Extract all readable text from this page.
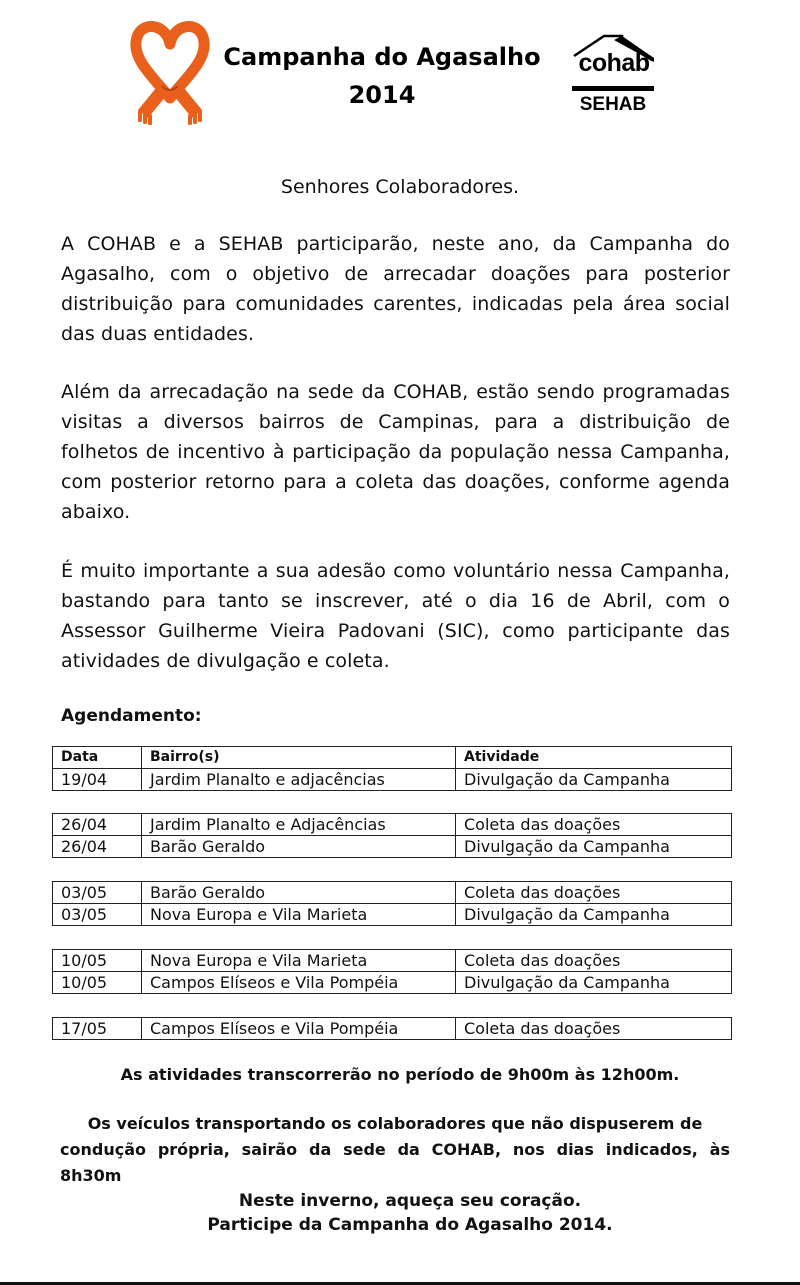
Campanha do Agasalho
2014
cohab
SEHAB
Senhores Colaboradores.

A COHAB e a SEHAB participarão, neste ano, da Campanha do Agasalho, com o objetivo de arrecadar doações para posterior distribuição para comunidades carentes, indicadas pela área social das duas entidades.

Além da arrecadação na sede da COHAB, estão sendo programadas visitas a diversos bairros de Campinas, para a distribuição de folhetos de incentivo à participação da população nessa Campanha, com posterior retorno para a coleta das doações, conforme agenda abaixo.

É muito importante a sua adesão como voluntário nessa Campanha, bastando para tanto se inscrever, até o dia 16 de Abril, com o Assessor Guilherme Vieira Padovani (SIC), como participante das atividades de divulgação e coleta.

Agendamento:
Data	Bairro(s)	Atividade
19/04	Jardim Planalto e adjacências	Divulgação da Campanha
26/04	Jardim Planalto e Adjacências	Coleta das doações
26/04	Barão Geraldo	Divulgação da Campanha
03/05	Barão Geraldo	Coleta das doações
03/05	Nova Europa e Vila Marieta	Divulgação da Campanha
10/05	Nova Europa e Vila Marieta	Coleta das doações
10/05	Campos Elíseos e Vila Pompéia	Divulgação da Campanha
17/05	Campos Elíseos e Vila Pompéia	Coleta das doações
As atividades transcorrerão no período de 9h00m às 12h00m.
Os veículos transportando os colaboradores que não dispuserem de
condução própria, sairão da sede da COHAB, nos dias indicados, às 8h30m
Neste inverno, aqueça seu coração.
Participe da Campanha do Agasalho 2014.
